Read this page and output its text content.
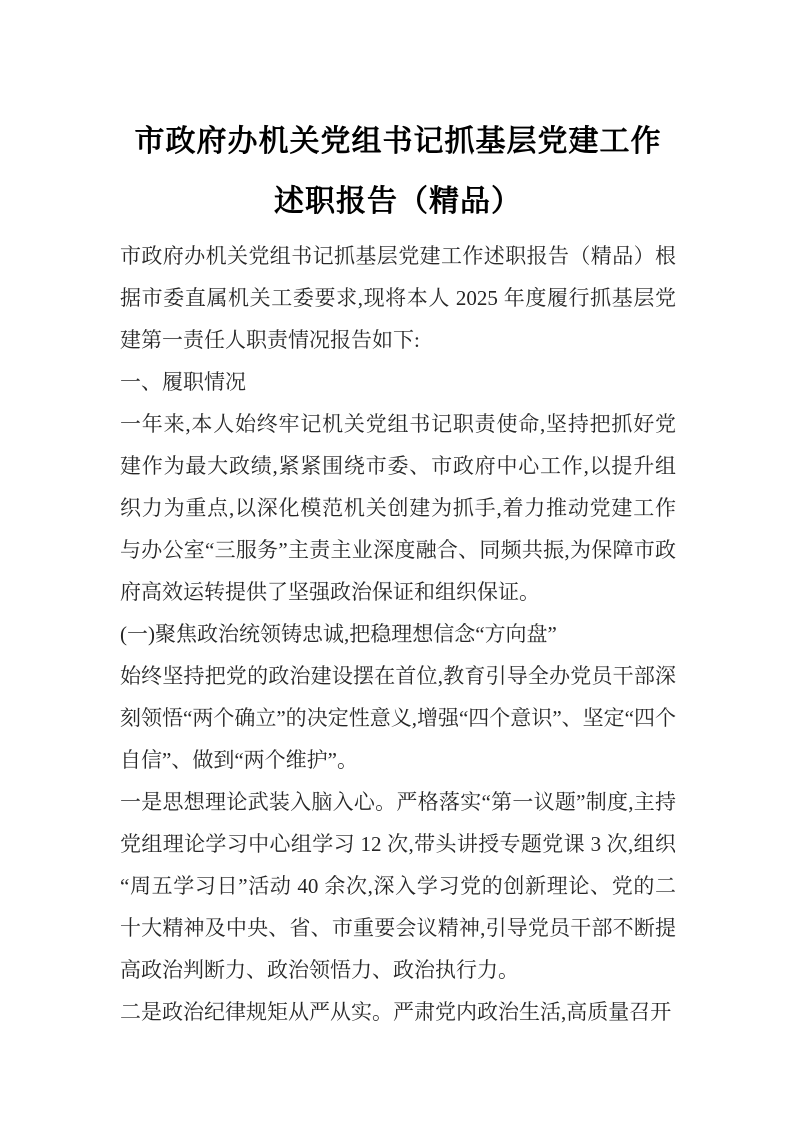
市政府办机关党组书记抓基层党建工作述职报告（精品）

市政府办机关党组书记抓基层党建工作述职报告（精品）根据市委直属机关工委要求,现将本人 2025 年度履行抓基层党建第一责任人职责情况报告如下:

一、履职情况

一年来,本人始终牢记机关党组书记职责使命,坚持把抓好党建作为最大政绩,紧紧围绕市委、市政府中心工作,以提升组织力为重点,以深化模范机关创建为抓手,着力推动党建工作与办公室“三服务”主责主业深度融合、同频共振,为保障市政府高效运转提供了坚强政治保证和组织保证。

(一)聚焦政治统领铸忠诚,把稳理想信念“方向盘”

始终坚持把党的政治建设摆在首位,教育引导全办党员干部深刻领悟“两个确立”的决定性意义,增强“四个意识”、坚定“四个自信”、做到“两个维护”。

一是思想理论武装入脑入心。严格落实“第一议题”制度,主持党组理论学习中心组学习 12 次,带头讲授专题党课 3 次,组织“周五学习日”活动 40 余次,深入学习党的创新理论、党的二十大精神及中央、省、市重要会议精神,引导党员干部不断提高政治判断力、政治领悟力、政治执行力。

二是政治纪律规矩从严从实。严肃党内政治生活,高质量召开
